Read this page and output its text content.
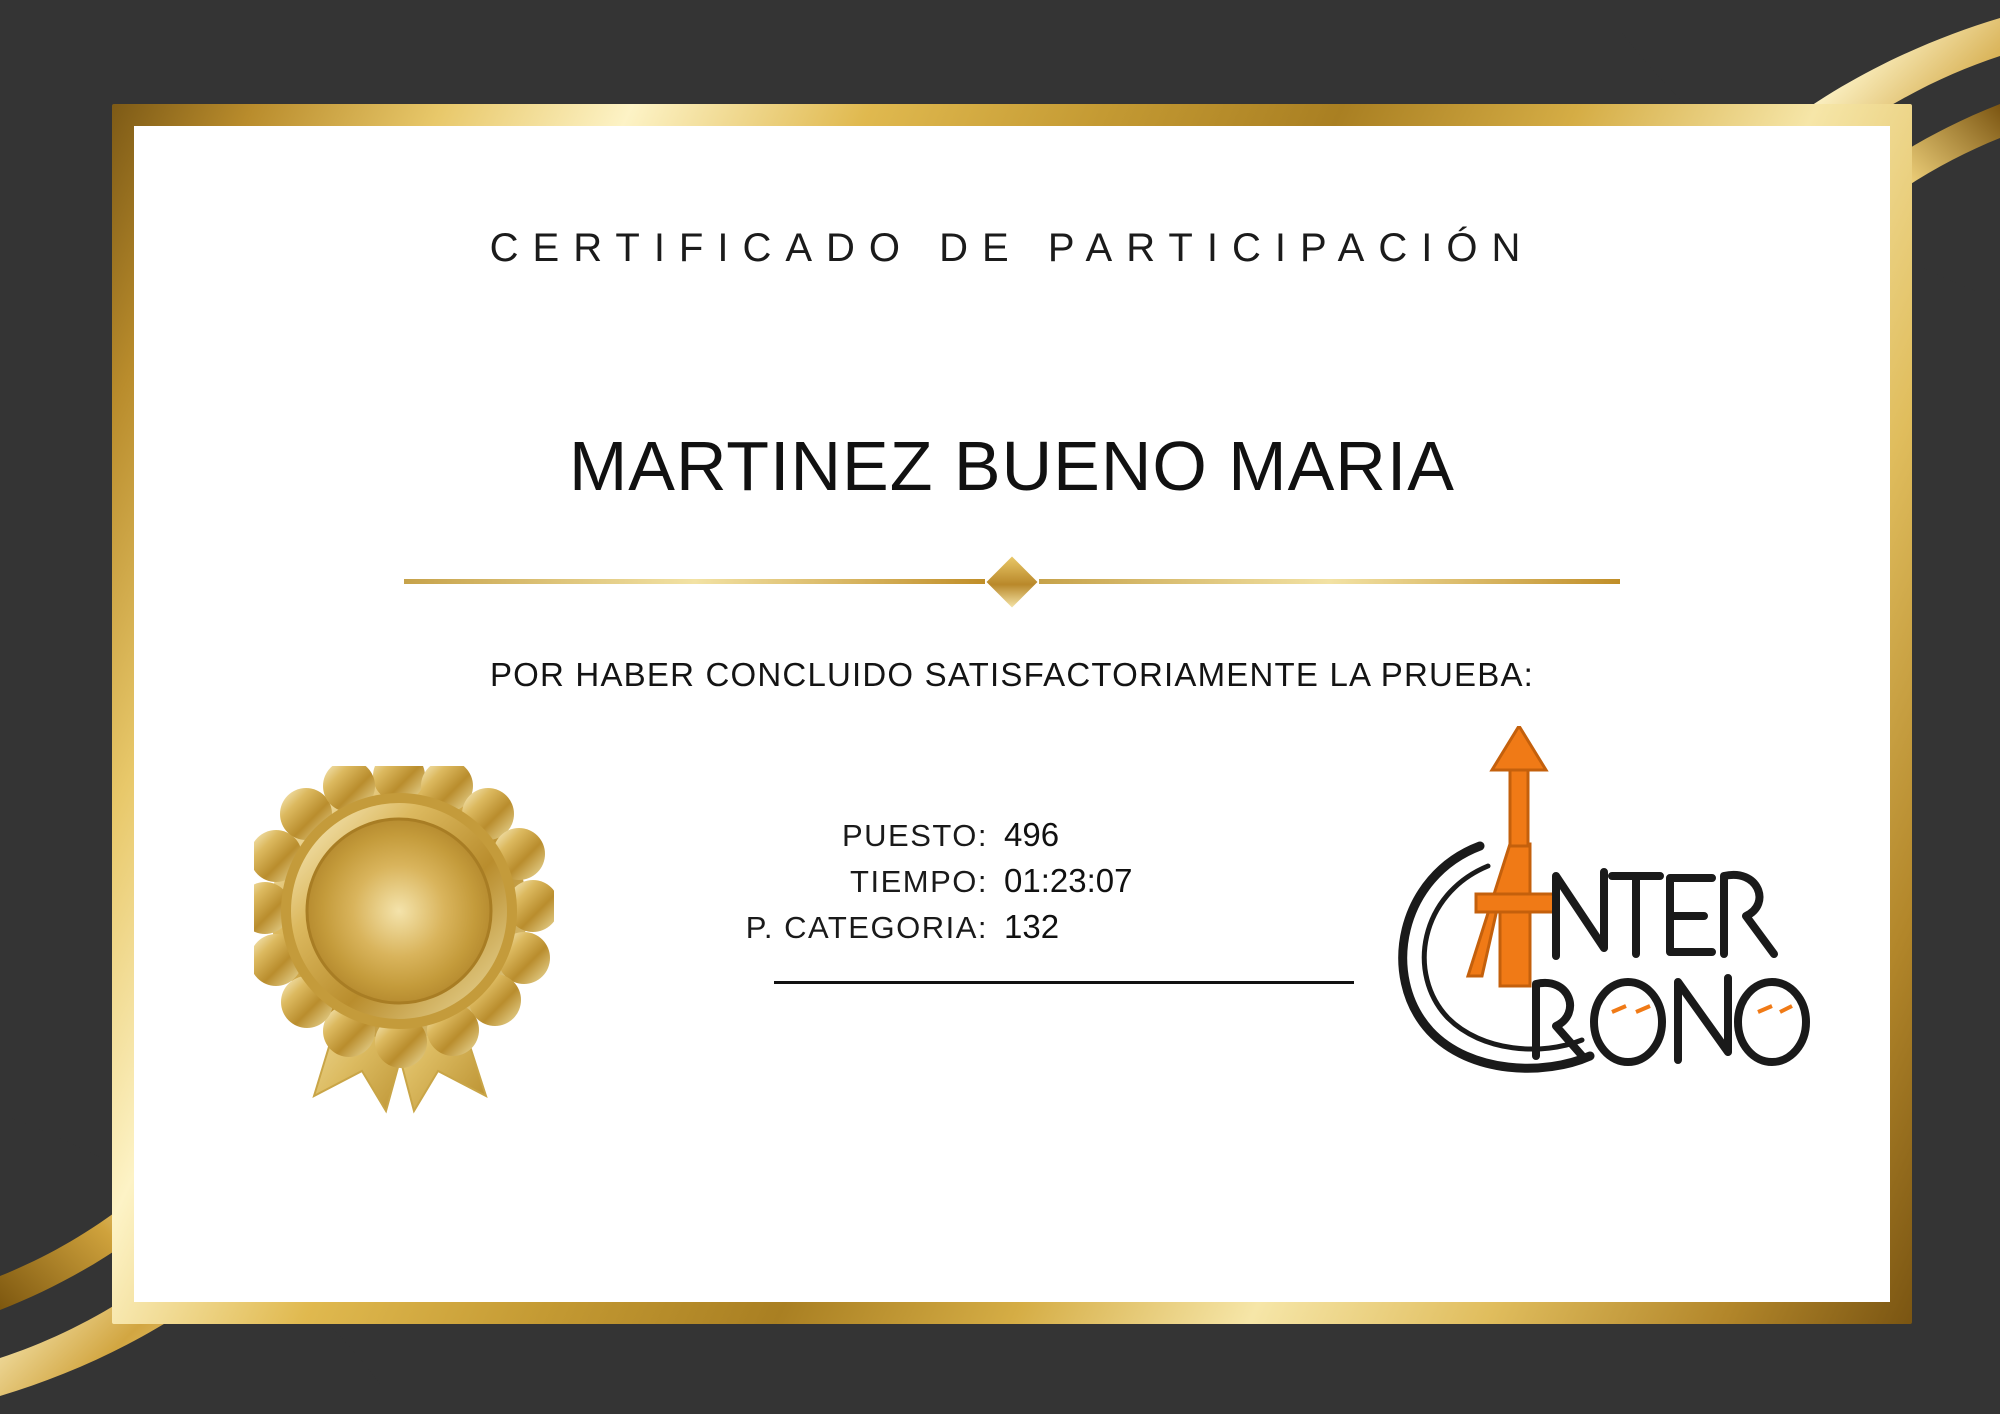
CERTIFICADO DE PARTICIPACIÓN
MARTINEZ BUENO MARIA
POR HABER CONCLUIDO SATISFACTORIAMENTE LA PRUEBA:
PUESTO: 496
TIEMPO: 01:23:07
P. CATEGORIA: 132
